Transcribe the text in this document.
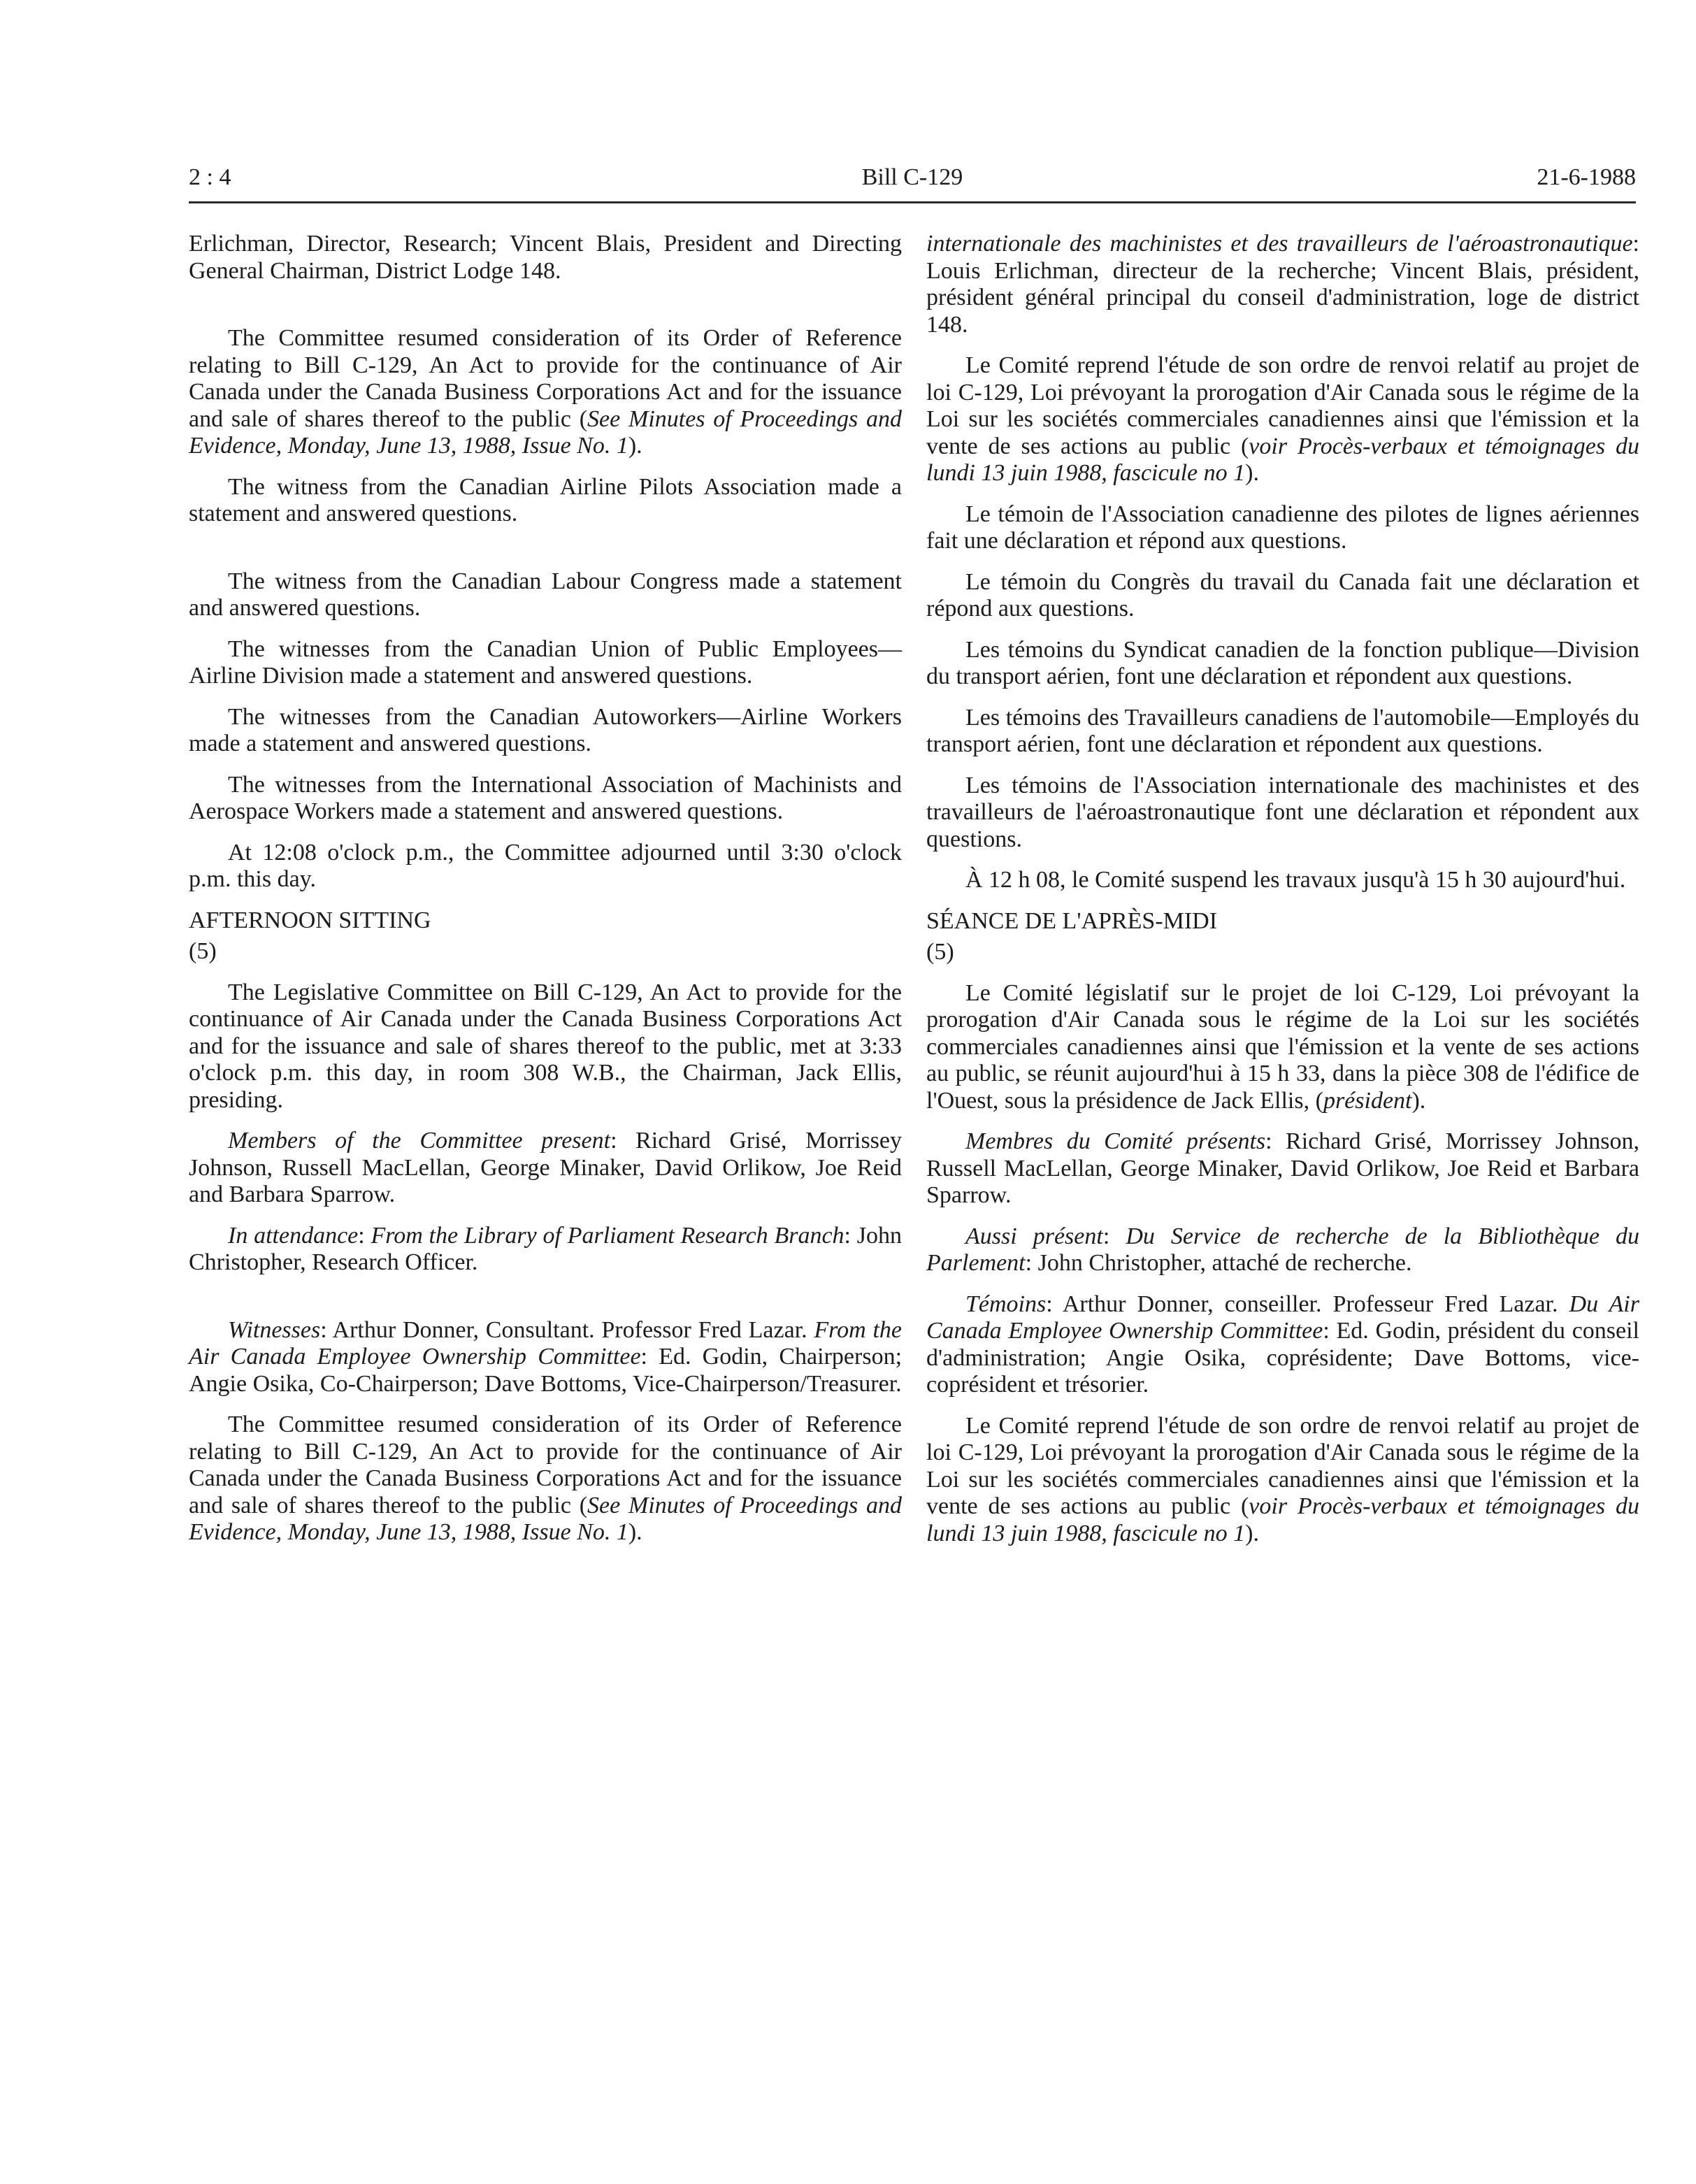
2 : 4	Bill C-129	21-6-1988

Erlichman, Director, Research; Vincent Blais, President and Directing General Chairman, District Lodge 148.

The Committee resumed consideration of its Order of Reference relating to Bill C-129, An Act to provide for the continuance of Air Canada under the Canada Business Corporations Act and for the issuance and sale of shares thereof to the public (See Minutes of Proceedings and Evidence, Monday, June 13, 1988, Issue No. 1).

The witness from the Canadian Airline Pilots Association made a statement and answered questions.

The witness from the Canadian Labour Congress made a statement and answered questions.

The witnesses from the Canadian Union of Public Employees—Airline Division made a statement and answered questions.

The witnesses from the Canadian Autoworkers—Airline Workers made a statement and answered questions.

The witnesses from the International Association of Machinists and Aerospace Workers made a statement and answered questions.

At 12:08 o'clock p.m., the Committee adjourned until 3:30 o'clock p.m. this day.

AFTERNOON SITTING

(5)

The Legislative Committee on Bill C-129, An Act to provide for the continuance of Air Canada under the Canada Business Corporations Act and for the issuance and sale of shares thereof to the public, met at 3:33 o'clock p.m. this day, in room 308 W.B., the Chairman, Jack Ellis, presiding.

Members of the Committee present: Richard Grisé, Morrissey Johnson, Russell MacLellan, George Minaker, David Orlikow, Joe Reid and Barbara Sparrow.

In attendance: From the Library of Parliament Research Branch: John Christopher, Research Officer.

Witnesses: Arthur Donner, Consultant. Professor Fred Lazar. From the Air Canada Employee Ownership Committee: Ed. Godin, Chairperson; Angie Osika, Co-Chairperson; Dave Bottoms, Vice-Chairperson/Treasurer.

The Committee resumed consideration of its Order of Reference relating to Bill C-129, An Act to provide for the continuance of Air Canada under the Canada Business Corporations Act and for the issuance and sale of shares thereof to the public (See Minutes of Proceedings and Evidence, Monday, June 13, 1988, Issue No. 1).

internationale des machinistes et des travailleurs de l'aéroastronautique: Louis Erlichman, directeur de la recherche; Vincent Blais, président, président général principal du conseil d'administration, loge de district 148.

Le Comité reprend l'étude de son ordre de renvoi relatif au projet de loi C-129, Loi prévoyant la prorogation d'Air Canada sous le régime de la Loi sur les sociétés commerciales canadiennes ainsi que l'émission et la vente de ses actions au public (voir Procès-verbaux et témoignages du lundi 13 juin 1988, fascicule no 1).

Le témoin de l'Association canadienne des pilotes de lignes aériennes fait une déclaration et répond aux questions.

Le témoin du Congrès du travail du Canada fait une déclaration et répond aux questions.

Les témoins du Syndicat canadien de la fonction publique—Division du transport aérien, font une déclaration et répondent aux questions.

Les témoins des Travailleurs canadiens de l'automobile—Employés du transport aérien, font une déclaration et répondent aux questions.

Les témoins de l'Association internationale des machinistes et des travailleurs de l'aéroastronautique font une déclaration et répondent aux questions.

À 12 h 08, le Comité suspend les travaux jusqu'à 15 h 30 aujourd'hui.

SÉANCE DE L'APRÈS-MIDI

(5)

Le Comité législatif sur le projet de loi C-129, Loi prévoyant la prorogation d'Air Canada sous le régime de la Loi sur les sociétés commerciales canadiennes ainsi que l'émission et la vente de ses actions au public, se réunit aujourd'hui à 15 h 33, dans la pièce 308 de l'édifice de l'Ouest, sous la présidence de Jack Ellis, (président).

Membres du Comité présents: Richard Grisé, Morrissey Johnson, Russell MacLellan, George Minaker, David Orlikow, Joe Reid et Barbara Sparrow.

Aussi présent: Du Service de recherche de la Bibliothèque du Parlement: John Christopher, attaché de recherche.

Témoins: Arthur Donner, conseiller. Professeur Fred Lazar. Du Air Canada Employee Ownership Committee: Ed. Godin, président du conseil d'administration; Angie Osika, coprésidente; Dave Bottoms, vice-coprésident et trésorier.

Le Comité reprend l'étude de son ordre de renvoi relatif au projet de loi C-129, Loi prévoyant la prorogation d'Air Canada sous le régime de la Loi sur les sociétés commerciales canadiennes ainsi que l'émission et la vente de ses actions au public (voir Procès-verbaux et témoignages du lundi 13 juin 1988, fascicule no 1).
